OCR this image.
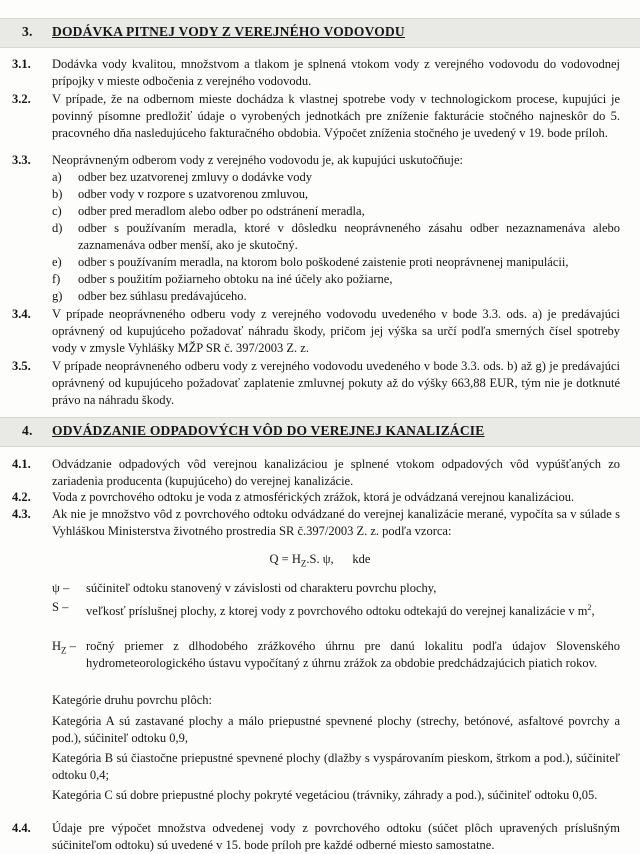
3. DODÁVKA PITNEJ VODY Z VEREJNÉHO VODOVODU
3.1. Dodávka vody kvalitou, množstvom a tlakom je splnená vtokom vody z verejného vodovodu do vodovodnej prípojky v mieste odbočenia z verejného vodovodu.
3.2. V prípade, že na odbernom mieste dochádza k vlastnej spotrebe vody v technologickom procese, kupujúci je povinný písomne predložiť údaje o vyrobených jednotkách pre zníženie fakturácie stočného najneskôr do 5. pracovného dňa nasledujúceho fakturačného obdobia. Výpočet zníženia stočného je uvedený v 19. bode príloh.
3.3. Neoprávneným odberom vody z verejného vodovodu je, ak kupujúci uskutočňuje:
a) odber bez uzatvorenej zmluvy o dodávke vody
b) odber vody v rozpore s uzatvorenou zmluvou,
c) odber pred meradlom alebo odber po odstránení meradla,
d) odber s používaním meradla, ktoré v dôsledku neoprávneného zásahu odber nezaznamenáva alebo zaznamenáva odber menší, ako je skutočný.
e) odber s používaním meradla, na ktorom bolo poškodené zaistenie proti neoprávnenej manipulácii,
f) odber s použitím požiarneho obtoku na iné účely ako požiarne,
g) odber bez súhlasu predávajúceho.
3.4. V prípade neoprávneného odberu vody z verejného vodovodu uvedeného v bode 3.3. ods. a) je predávajúci oprávnený od kupujúceho požadovať náhradu škody, pričom jej výška sa určí podľa smerných čísel spotreby vody v zmysle Vyhlášky MŽP SR č. 397/2003 Z. z.
3.5. V prípade neoprávneného odberu vody z verejného vodovodu uvedeného v bode 3.3. ods. b) až g) je predávajúci oprávnený od kupujúceho požadovať zaplatenie zmluvnej pokuty až do výšky 663,88 EUR, tým nie je dotknuté právo na náhradu škody.
4. ODVÁDZANIE ODPADOVÝCH VÔD DO VEREJNEJ KANALIZÁCIE
4.1. Odvádzanie odpadových vôd verejnou kanalizáciou je splnené vtokom odpadových vôd vypúšťaných zo zariadenia producenta (kupujúceho) do verejnej kanalizácie.
4.2. Voda z povrchového odtoku je voda z atmosférických zrážok, ktorá je odvádzaná verejnou kanalizáciou.
4.3. Ak nie je množstvo vôd z povrchového odtoku odvádzané do verejnej kanalizácie merané, vypočíta sa v súlade s Vyhláškou Ministerstva životného prostredia SR č.397/2003 Z. z. podľa vzorca:
$Q = H_Z.S$. ψ, kde
ψ –	súčiniteľ odtoku stanovený v závislosti od charakteru povrchu plochy,
S –	veľkosť príslušnej plochy, z ktorej vody z povrchového odtoku odtekajú do verejnej kanalizácie v $m^2$,
$H_Z$ – ročný priemer z dlhodobého zrážkového úhrnu pre danú lokalitu podľa údajov Slovenského hydrometeorologického ústavu vypočítaný z úhrnu zrážok za obdobie predchádzajúcich piatich rokov.
Kategórie druhu povrchu plôch:
Kategória A sú zastavané plochy a málo priepustné spevnené plochy (strechy, betónové, asfaltové povrchy a pod.), súčiniteľ odtoku 0,9,
Kategória B sú čiastočne priepustné spevnené plochy (dlažby s vyspárovaním pieskom, štrkom a pod.), súčiniteľ odtoku 0,4;
Kategória C sú dobre priepustné plochy pokryté vegetáciou (trávniky, záhrady a pod.), súčiniteľ odtoku 0,05.
4.4. Údaje pre výpočet množstva odvedenej vody z povrchového odtoku (súčet plôch upravených príslušným súčiniteľom odtoku) sú uvedené v 15. bode príloh pre každé odberné miesto samostatne.
